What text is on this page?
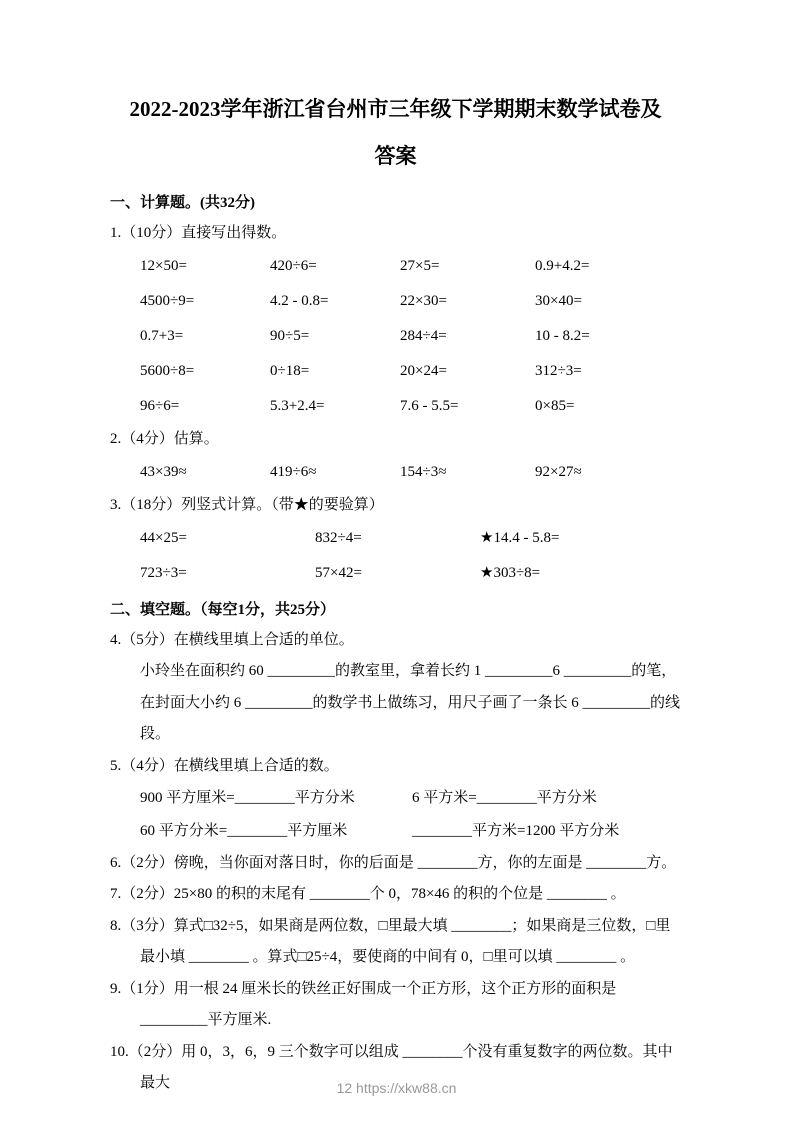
2022-2023学年浙江省台州市三年级下学期期末数学试卷及
答案
一、计算题。(共32分)
1.（10分）直接写出得数。
12×50=	420÷6=	27×5=	0.9+4.2=
4500÷9=	4.2 - 0.8=	22×30=	30×40=
0.7+3=	90÷5=	284÷4=	10 - 8.2=
5600÷8=	0÷18=	20×24=	312÷3=
96÷6=	5.3+2.4=	7.6 - 5.5=	0×85=
2.（4分）估算。
43×39≈	419÷6≈	154÷3≈	92×27≈
3.（18分）列竖式计算。（带★的要验算）
44×25=	832÷4=	★14.4 - 5.8=
723÷3=	57×42=	★303÷8=
二、填空题。（每空1分，共25分）
4.（5分）在横线里填上合适的单位。
小玲坐在面积约 60 _________的教室里，拿着长约 1 _________6 _________的笔，在封面大小约 6 _________的数学书上做练习，用尺子画了一条长 6 _________的线段。
5.（4分）在横线里填上合适的数。
900 平方厘米=________平方分米	6 平方米=________平方分米
60 平方分米=________平方厘米	________平方米=1200 平方分米
6.（2分）傍晚，当你面对落日时，你的后面是 ________方，你的左面是 ________方。
7.（2分）25×80 的积的末尾有 ________个 0，78×46 的积的个位是 ________ 。
8.（3分）算式□32÷5，如果商是两位数，□里最大填 ________；如果商是三位数，□里最小填 ________ 。算式□25÷4，要使商的中间有 0，□里可以填 ________ 。
9.（1分）用一根 24 厘米长的铁丝正好围成一个正方形，这个正方形的面积是 _________平方厘米.
10.（2分）用 0，3，6，9 三个数字可以组成 ________个没有重复数字的两位数。其中最大	12 https://xkw88.cn
